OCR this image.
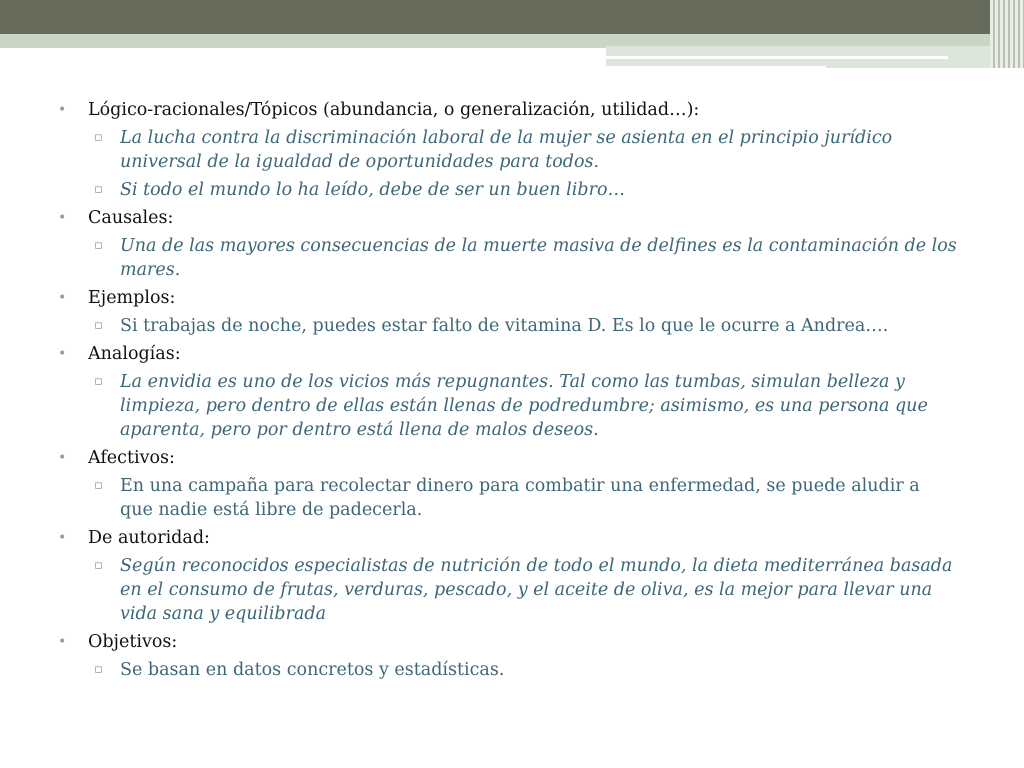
• Lógico-racionales/Tópicos (abundancia, o generalización, utilidad…):
▫ La lucha contra la discriminación laboral de la mujer se asienta en el principio jurídico universal de la igualdad de oportunidades para todos.
▫ Si todo el mundo lo ha leído, debe de ser un buen libro…
• Causales:
▫ Una de las mayores consecuencias de la muerte masiva de delfines es la contaminación de los mares.
• Ejemplos:
▫ Si trabajas de noche, puedes estar falto de vitamina D. Es lo que le ocurre a Andrea….
• Analogías:
▫ La envidia es uno de los vicios más repugnantes. Tal como las tumbas, simulan belleza y limpieza, pero dentro de ellas están llenas de podredumbre; asimismo, es una persona que aparenta, pero por dentro está llena de malos deseos.
• Afectivos:
▫ En una campaña para recolectar dinero para combatir una enfermedad, se puede aludir a que nadie está libre de padecerla.
• De autoridad:
▫ Según reconocidos especialistas de nutrición de todo el mundo, la dieta mediterránea basada en el consumo de frutas, verduras, pescado, y el aceite de oliva, es la mejor para llevar una vida sana y equilibrada
• Objetivos:
▫ Se basan en datos concretos y estadísticas.
